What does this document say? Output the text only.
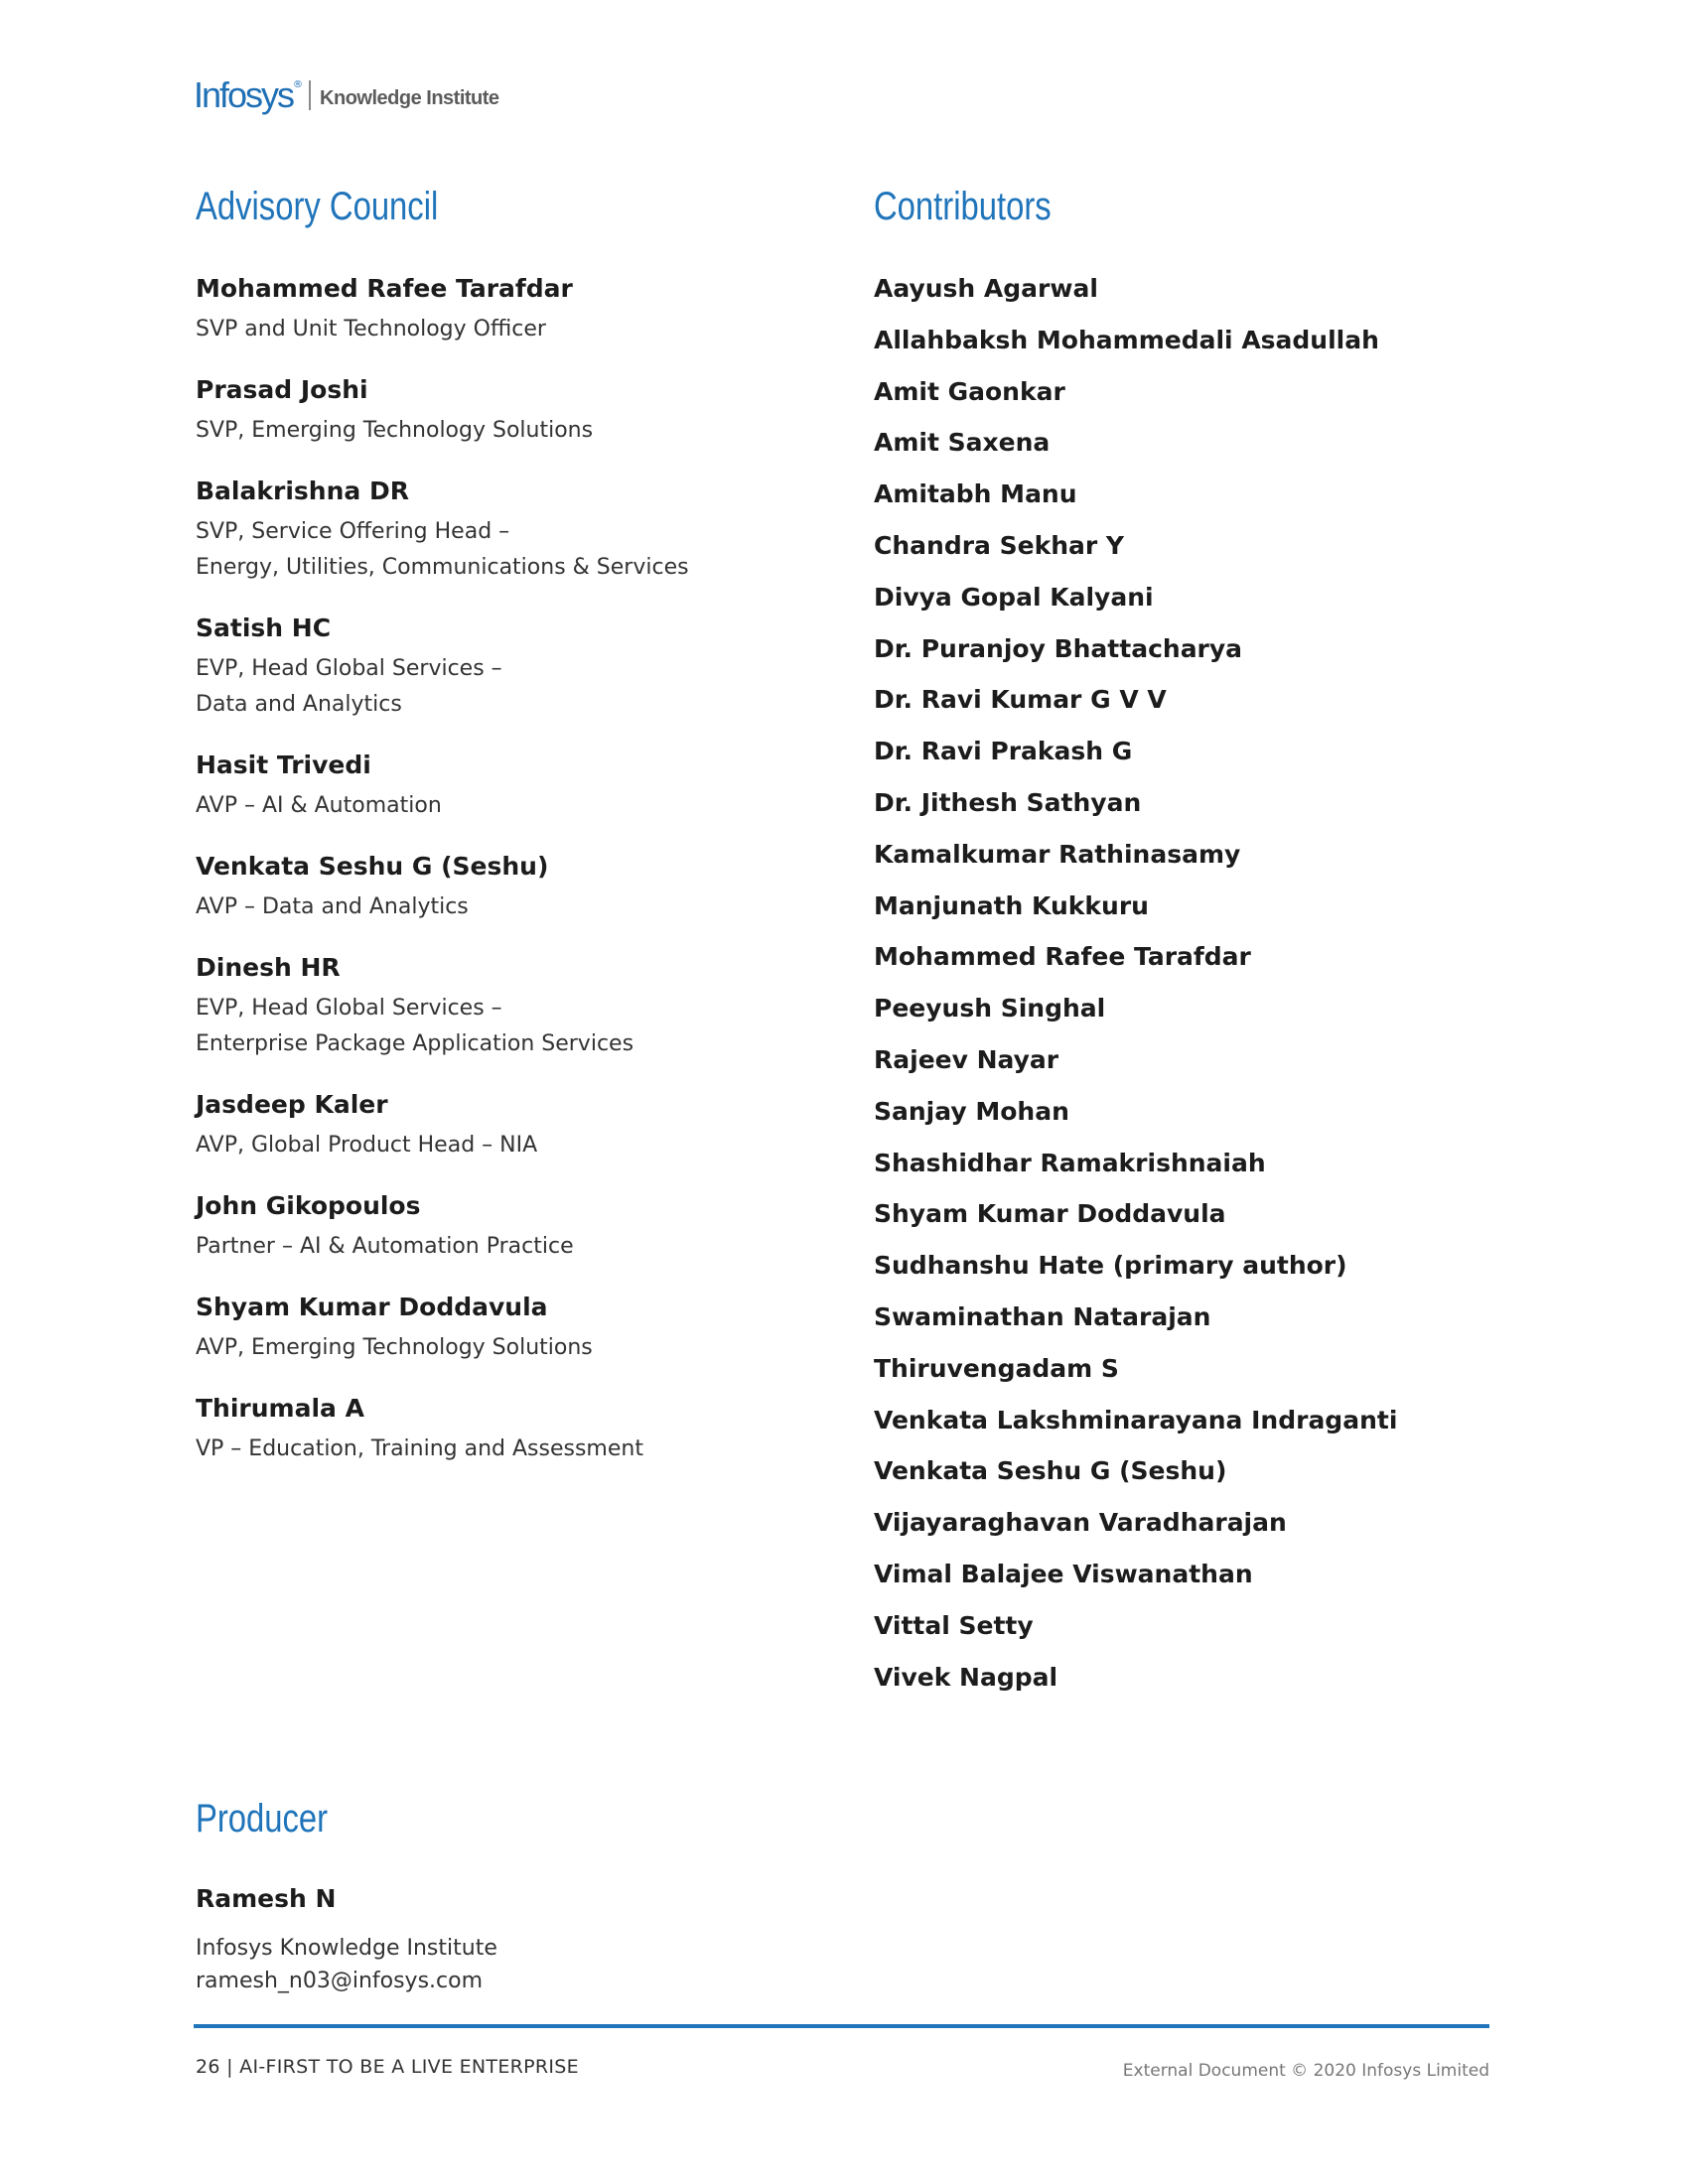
Infosys ®
Knowledge Institute
Advisory Council	Contributors
Mohammed Rafee Tarafdar
SVP and Unit Technology Officer
Prasad Joshi
SVP, Emerging Technology Solutions
Balakrishna DR
SVP, Service Offering Head –
Energy, Utilities, Communications & Services
Satish HC
EVP, Head Global Services –
Data and Analytics
Hasit Trivedi
AVP – AI & Automation
Venkata Seshu G (Seshu)
AVP – Data and Analytics
Dinesh HR
EVP, Head Global Services –
Enterprise Package Application Services
Jasdeep Kaler
AVP, Global Product Head – NIA
John Gikopoulos
Partner – AI & Automation Practice
Shyam Kumar Doddavula
AVP, Emerging Technology Solutions
Thirumala A
VP – Education, Training and Assessment
Aayush Agarwal
Allahbaksh Mohammedali Asadullah
Amit Gaonkar
Amit Saxena
Amitabh Manu
Chandra Sekhar Y
Divya Gopal Kalyani
Dr. Puranjoy Bhattacharya
Dr. Ravi Kumar G V V
Dr. Ravi Prakash G
Dr. Jithesh Sathyan
Kamalkumar Rathinasamy
Manjunath Kukkuru
Mohammed Rafee Tarafdar
Peeyush Singhal
Rajeev Nayar
Sanjay Mohan
Shashidhar Ramakrishnaiah
Shyam Kumar Doddavula
Sudhanshu Hate (primary author)
Swaminathan Natarajan
Thiruvengadam S
Venkata Lakshminarayana Indraganti
Venkata Seshu G (Seshu)
Vijayaraghavan Varadharajan
Vimal Balajee Viswanathan
Vittal Setty
Vivek Nagpal
Producer
Ramesh N
Infosys Knowledge Institute
ramesh_n03@infosys.com
26 | AI-FIRST TO BE A LIVE ENTERPRISE	External Document © 2020 Infosys Limited
